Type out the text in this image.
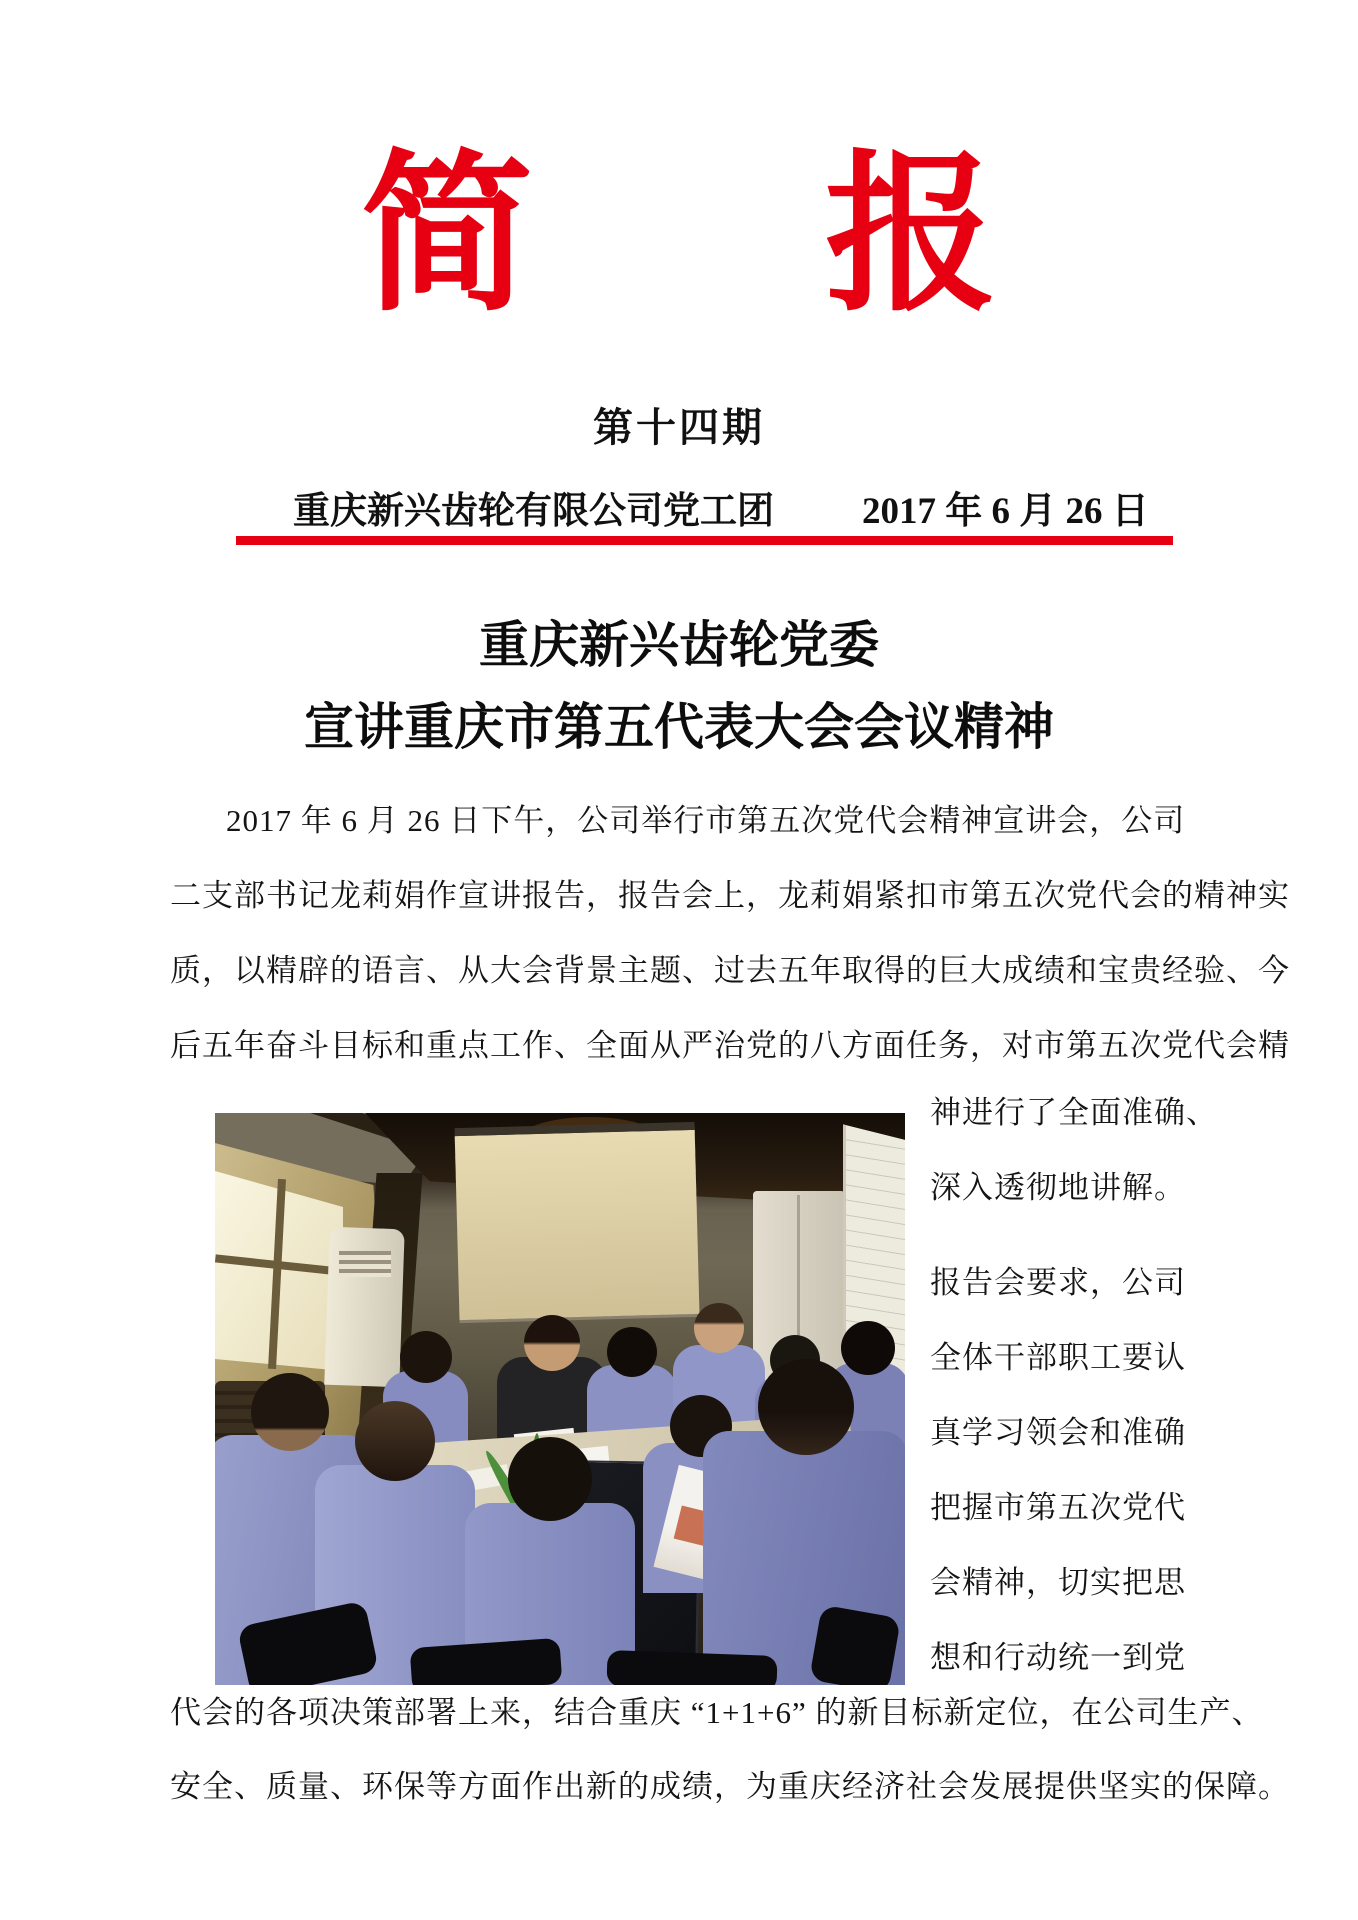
简 报
第十四期
重庆新兴齿轮有限公司党工团 2017 年 6 月 26 日
重庆新兴齿轮党委
宣讲重庆市第五代表大会会议精神
2017 年 6 月 26 日下午，公司举行市第五次党代会精神宣讲会，公司
二支部书记龙莉娟作宣讲报告，报告会上，龙莉娟紧扣市第五次党代会的精神实
质，以精辟的语言、从大会背景主题、过去五年取得的巨大成绩和宝贵经验、今
后五年奋斗目标和重点工作、全面从严治党的八方面任务，对市第五次党代会精
神进行了全面准确、
深入透彻地讲解。
报告会要求，公司
全体干部职工要认
真学习领会和准确
把握市第五次党代
会精神，切实把思
想和行动统一到党
代会的各项决策部署上来，结合重庆 “1+1+6” 的新目标新定位，在公司生产、
安全、质量、环保等方面作出新的成绩，为重庆经济社会发展提供坚实的保障。
